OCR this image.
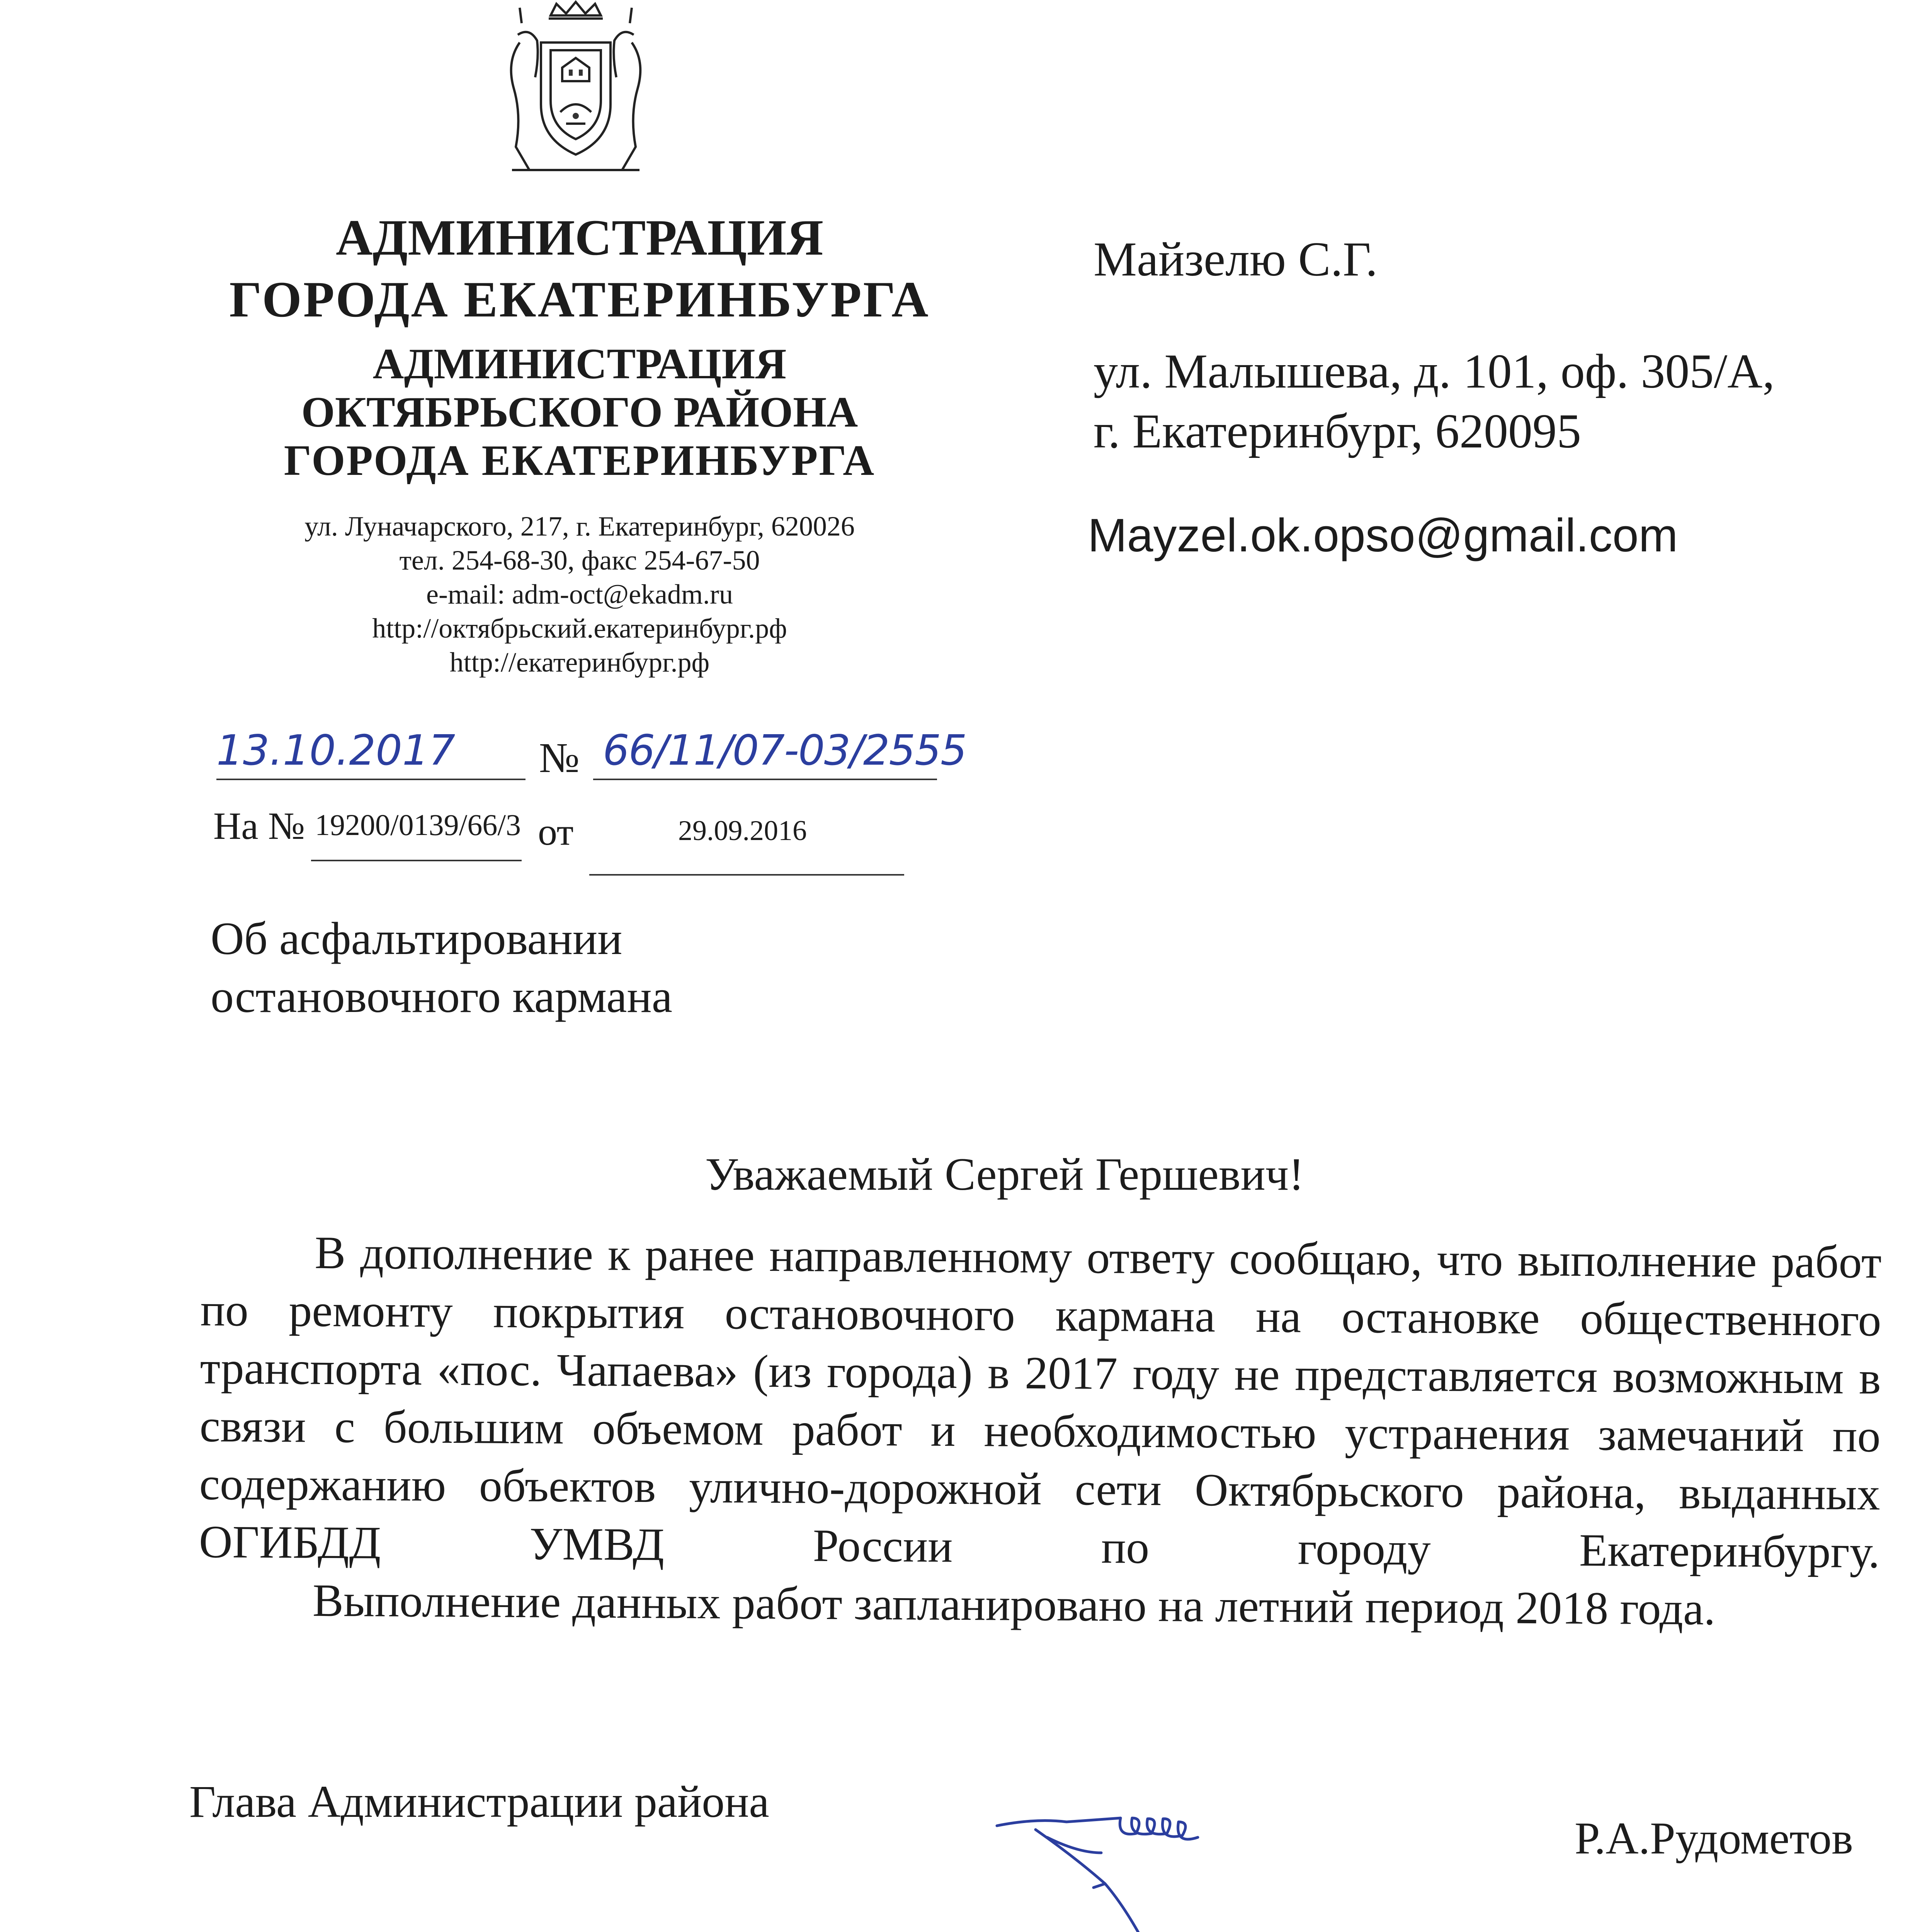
АДМИНИСТРАЦИЯ
ГОРОДА ЕКАТЕРИНБУРГА
АДМИНИСТРАЦИЯ
ОКТЯБРЬСКОГО РАЙОНА
ГОРОДА ЕКАТЕРИНБУРГА
ул. Луначарского, 217, г. Екатеринбург, 620026
тел. 254-68-30, факс 254-67-50
e-mail: adm-oct@ekadm.ru
http://октябрьский.екатеринбург.рф
http://екатеринбург.рф
13.10.2017 № 66/11/07-03/2555
На № 19200/0139/66/3 от	29.09.2016
Майзелю С.Г.
ул. Малышева, д. 101, оф. 305/А,
г. Екатеринбург, 620095
Mayzel.ok.opso@gmail.com
Об асфальтировании
остановочного кармана
Уважаемый Сергей Гершевич!

В дополнение к ранее направленному ответу сообщаю, что выполнение работ по ремонту покрытия остановочного кармана на остановке общественного транспорта «пос. Чапаева» (из города) в 2017 году не представляется возможным в связи с большим объемом работ и необходимостью устранения замечаний по содержанию объектов улично-дорожной сети Октябрьского района, выданных ОГИБДД УМВД России по городу Екатеринбургу.

Выполнение данных работ запланировано на летний период 2018 года.

Глава Администрации района
Р.А.Рудометов
